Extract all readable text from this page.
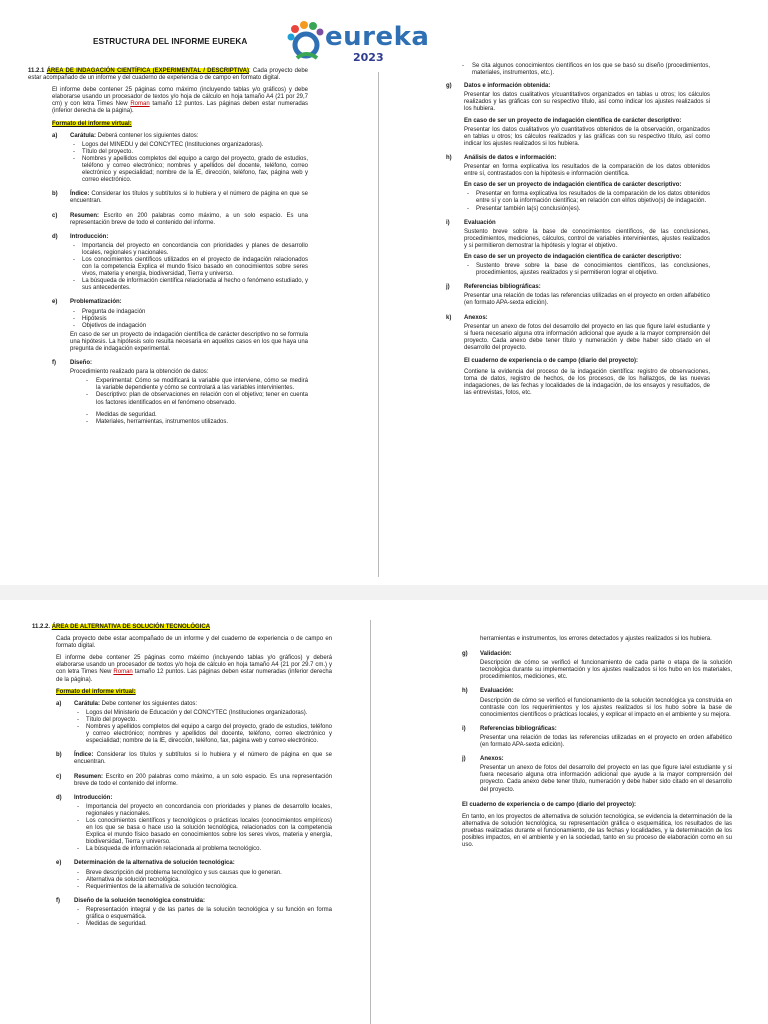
ESTRUCTURA DEL INFORME EUREKA	eureka
2023

11.2.1 ÁREA DE INDAGACIÓN CIENTÍFICA (EXPERIMENTAL / DESCRIPTIVA): Cada proyecto debe estar acompañado de un informe y del cuaderno de experiencia o de campo en formato digital.

El informe debe contener 25 páginas como máximo (incluyendo tablas y/o gráficos) y debe elaborarse usando un procesador de textos y/o hoja de cálculo en hoja tamaño A4 (21 por 29,7 cm) y con letra Times New Roman tamaño 12 puntos. Las páginas deben estar numeradas (inferior derecha de la página).

Formato del informe virtual:

a)	Carátula: Deberá contener los siguientes datos:

- Logos del MINEDU y del CONCYTEC (Instituciones organizadoras).
- Título del proyecto.
- Nombres y apellidos completos del equipo a cargo del proyecto, grado de estudios, teléfono y correo electrónico; nombres y apellidos del docente, teléfono, correo electrónico y especialidad; nombre de la IE, dirección, teléfono, fax, página web y correo electrónico.
b)	Índice: Considerar los títulos y subtítulos si lo hubiera y el número de página en que se encuentran.

c)	Resumen: Escrito en 200 palabras como máximo, a un solo espacio. Es una representación breve de todo el contenido del informe.

d)	Introducción:

- Importancia del proyecto en concordancia con prioridades y planes de desarrollo locales, regionales y nacionales.
- Los conocimientos científicos utilizados en el proyecto de indagación relacionados con la competencia Explica el mundo físico basado en conocimientos sobre seres vivos, materia y energía, biodiversidad, Tierra y universo.
- La búsqueda de información científica relacionada al hecho o fenómeno estudiado, y sus antecedentes.
e)	Problematización:

- Pregunta de indagación
- Hipótesis
- Objetivos de indagación

En caso de ser un proyecto de indagación científica de carácter descriptivo no se formula una hipótesis. La hipótesis solo resulta necesaria en aquellos casos en los que haya una pregunta de indagación experimental.

f)	Diseño:

Procedimiento realizado para la obtención de datos:

- Experimental: Cómo se modificará la variable que interviene, cómo se medirá la variable dependiente y cómo se controlará a las variables intervinientes.
- Descriptivo: plan de observaciones en relación con el objetivo; tener en cuenta los factores identificados en el fenómeno observado.
- Medidas de seguridad.
- Materiales, herramientas, instrumentos utilizados.
- Se cita algunos conocimientos científicos en los que se basó su diseño (procedimientos, materiales, instrumentos, etc.).
g)	Datos e información obtenida:

Presentar los datos cualitativos y/cuantitativos organizados en tablas u otros; los cálculos realizados y las gráficas con su respectivo título, así como indicar los ajustes realizados si los hubiera.

En caso de ser un proyecto de indagación científica de carácter descriptivo:

Presentar los datos cualitativos y/o cuantitativos obtenidos de la observación, organizados en tablas u otros; los cálculos realizados y las gráficas con su respectivo título, así como indicar los ajustes realizados si los hubiera.

h)	Análisis de datos e información:

Presentar en forma explicativa los resultados de la comparación de los datos obtenidos entre sí, contrastados con la hipótesis e información científica.

En caso de ser un proyecto de indagación científica de carácter descriptivo:

- Presentar en forma explicativa los resultados de la comparación de los datos obtenidos entre sí y con la información científica; en relación con el/los objetivo(s) de indagación.
- Presentar también la(s) conclusión(es).
i)	Evaluación

Sustento breve sobre la base de conocimientos científicos, de las conclusiones, procedimientos, mediciones, cálculos, control de variables intervinientes, ajustes realizados y si permitieron demostrar la hipótesis y lograr el objetivo.

En caso de ser un proyecto de indagación científica de carácter descriptivo:

- Sustento breve sobre la base de conocimientos científicos, las conclusiones, procedimientos, ajustes realizados y si permitieron lograr el objetivo.
j)	Referencias bibliográficas:

Presentar una relación de todas las referencias utilizadas en el proyecto en orden alfabético (en formato APA-sexta edición).

k)	Anexos:

Presentar un anexo de fotos del desarrollo del proyecto en las que figure la/el estudiante y si fuera necesario alguna otra información adicional que ayude a la mayor comprensión del proyecto. Cada anexo debe tener título y numeración y debe haber sido citado en el desarrollo del proyecto.

El cuaderno de experiencia o de campo (diario del proyecto):

Contiene la evidencia del proceso de la indagación científica: registro de observaciones, toma de datos, registro de hechos, de los procesos, de los hallazgos, de las nuevas indagaciones, de las fechas y localidades de la indagación, de los ensayos y resultados, de las entrevistas, fotos, etc.

11.2.2. ÁREA DE ALTERNATIVA DE SOLUCIÓN TECNOLÓGICA

Cada proyecto debe estar acompañado de un informe y del cuaderno de experiencia o de campo en formato digital.

El informe debe contener 25 páginas como máximo (incluyendo tablas y/o gráficos) y deberá elaborarse usando un procesador de textos y/o hoja de cálculo en hoja tamaño A4 (21 por 29.7 cm.) y con letra Times New Roman tamaño 12 puntos. Las páginas deben estar numeradas (inferior derecha de la página).

Formato del informe virtual:

a)	Carátula: Debe contener los siguientes datos:

- Logos del Ministerio de Educación y del CONCYTEC (Instituciones organizadoras).
- Título del proyecto.
- Nombres y apellidos completos del equipo a cargo del proyecto, grado de estudios, teléfono y correo electrónico; nombres y apellidos del docente, teléfono, correo electrónico y especialidad; nombre de la IE, dirección, teléfono, fax, página web y correo electrónico.
b)	Índice: Considerar los títulos y subtítulos si lo hubiera y el número de página en que se encuentran.

c)	Resumen: Escrito en 200 palabras como máximo, a un solo espacio. Es una representación breve de todo el contenido del informe.

d)	Introducción:

- Importancia del proyecto en concordancia con prioridades y planes de desarrollo locales, regionales y nacionales.
- Los conocimientos científicos y tecnológicos o prácticas locales (conocimientos empíricos) en los que se basa o hace uso la solución tecnológica, relacionados con la competencia Explica el mundo físico basado en conocimientos sobre los seres vivos, materia y energía, biodiversidad, Tierra y universo.
- La búsqueda de información relacionada al problema tecnológico.
e)	Determinación de la alternativa de solución tecnológica:

- Breve descripción del problema tecnológico y sus causas que lo generan.
- Alternativa de solución tecnológica.
- Requerimientos de la alternativa de solución tecnológica.
f)	Diseño de la solución tecnológica construida:

- Representación integral y de las partes de la solución tecnológica y su función en forma gráfica o esquemática.
- Medidas de seguridad.

herramientas e instrumentos, los errores detectados y ajustes realizados si los hubiera.

g)	Validación:

Descripción de cómo se verificó el funcionamiento de cada parte o etapa de la solución tecnológica durante su implementación y los ajustes realizados si los hubo en los materiales, procedimientos, mediciones, etc.

h)	Evaluación:

Descripción de cómo se verificó el funcionamiento de la solución tecnológica ya construida en contraste con los requerimientos y los ajustes realizados si los hubo sobre la base de conocimientos científicos o prácticas locales, y explicar el impacto en el ambiente y su mejora.

i)	Referencias bibliográficas:

Presentar una relación de todas las referencias utilizadas en el proyecto en orden alfabético (en formato APA-sexta edición).

j)	Anexos:

Presentar un anexo de fotos del desarrollo del proyecto en las que figure la/el estudiante y si fuera necesario alguna otra información adicional que ayude a la mayor comprensión del proyecto. Cada anexo debe tener título, numeración y debe haber sido citado en el desarrollo del proyecto.

El cuaderno de experiencia o de campo (diario del proyecto):

En tanto, en los proyectos de alternativa de solución tecnológica, se evidencia la determinación de la alternativa de solución tecnológica, su representación gráfica o esquemática, los resultados de las pruebas realizadas durante el funcionamiento, de las fechas y localidades, y la determinación de los posibles impactos, en el ambiente y en la sociedad, tanto en su proceso de elaboración como en su uso.
